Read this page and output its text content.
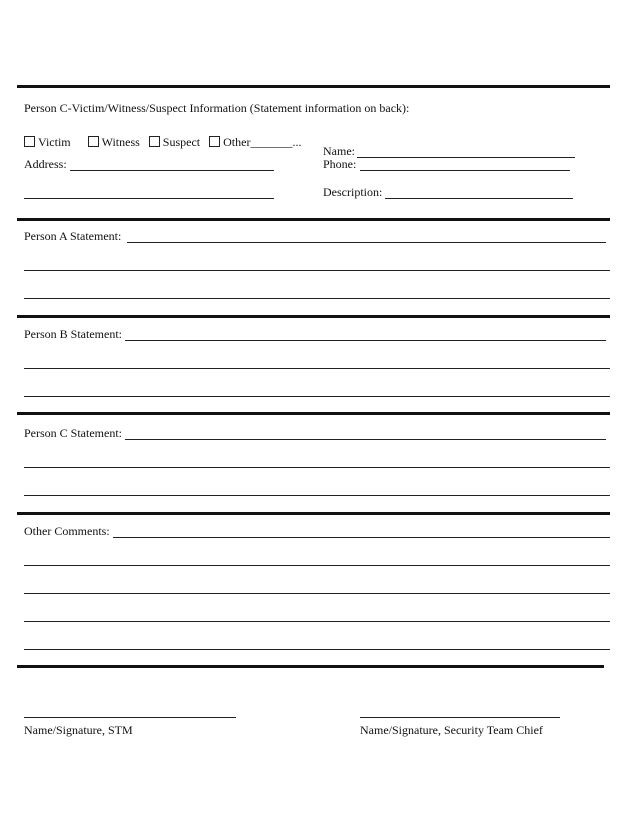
Person C-Victim/Witness/Suspect Information (Statement information on back):
Victim	Witness Suspect Other_______...
Address:
Name:
Phone:
Description:
Person A Statement:
Person B Statement:
Person C Statement:
Other Comments:
Name/Signature, STM	Name/Signature, Security Team Chief
